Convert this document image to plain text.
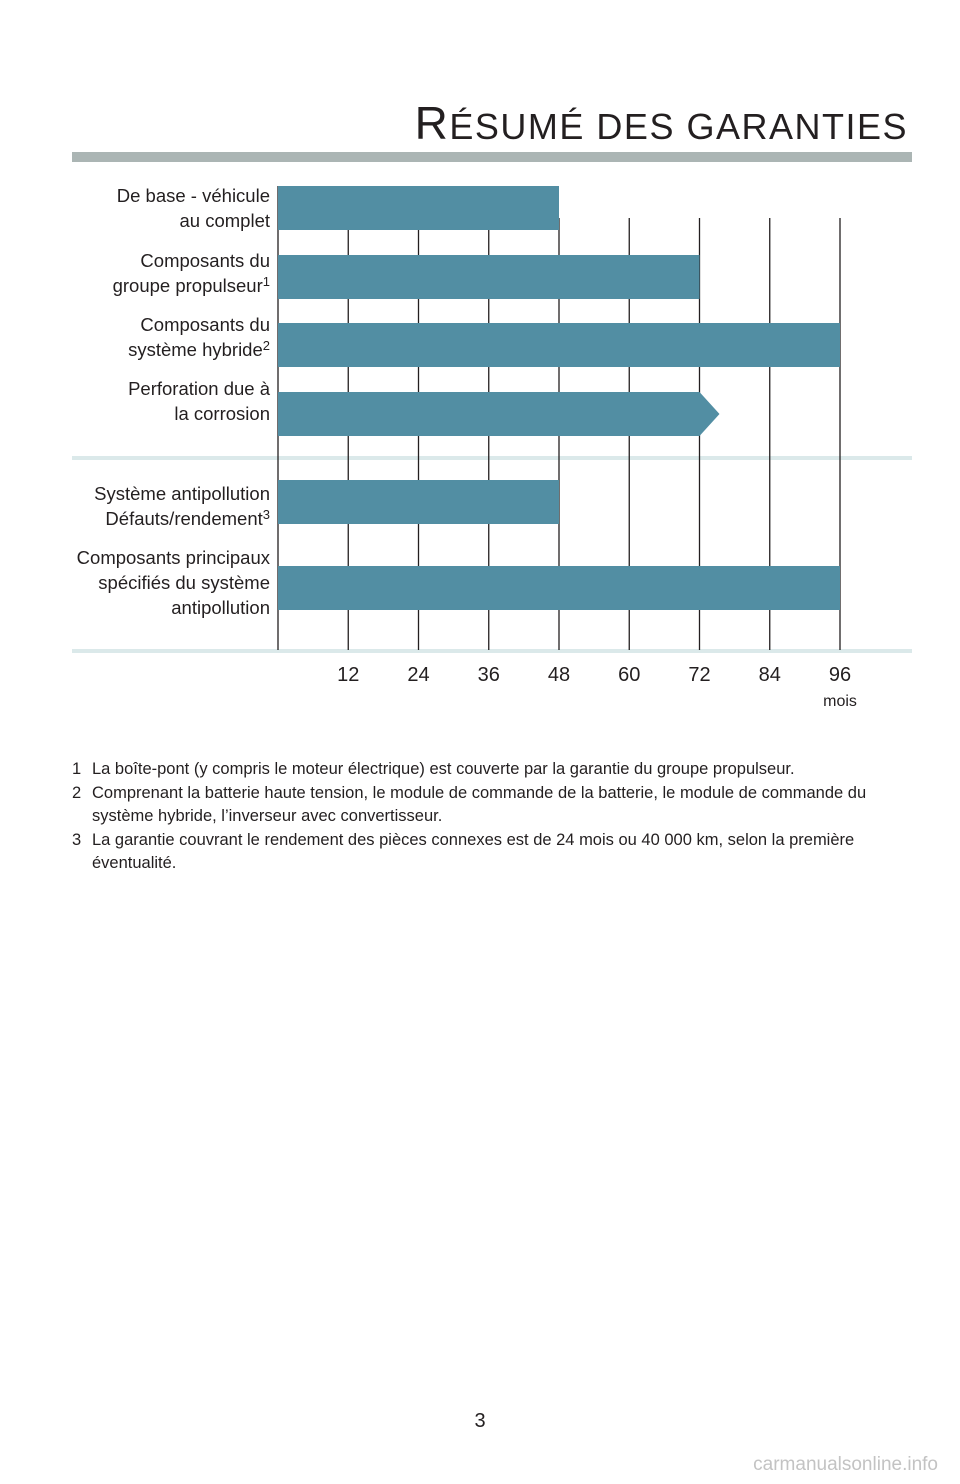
RÉSUMÉ DES GARANTIES
De base - véhicule
au complet
Composants du
groupe propulseur$^1$
Composants du
système hybride$^2$
Perforation due à
la corrosion
Système antipollution
Défauts/rendement$^3$
Composants principaux
spécifiés du système
antipollution
12 24 36 48 60 72 84 96
mois
1 La boîte-pont (y compris le moteur électrique) est couverte par la garantie du groupe propulseur.
2 Comprenant la batterie haute tension, le module de commande de la batterie, le module de commande du système hybride, l’inverseur avec convertisseur.
3 La garantie couvrant le rendement des pièces connexes est de 24 mois ou 40 000 km, selon la première éventualité.
3
carmanualsonline.info
